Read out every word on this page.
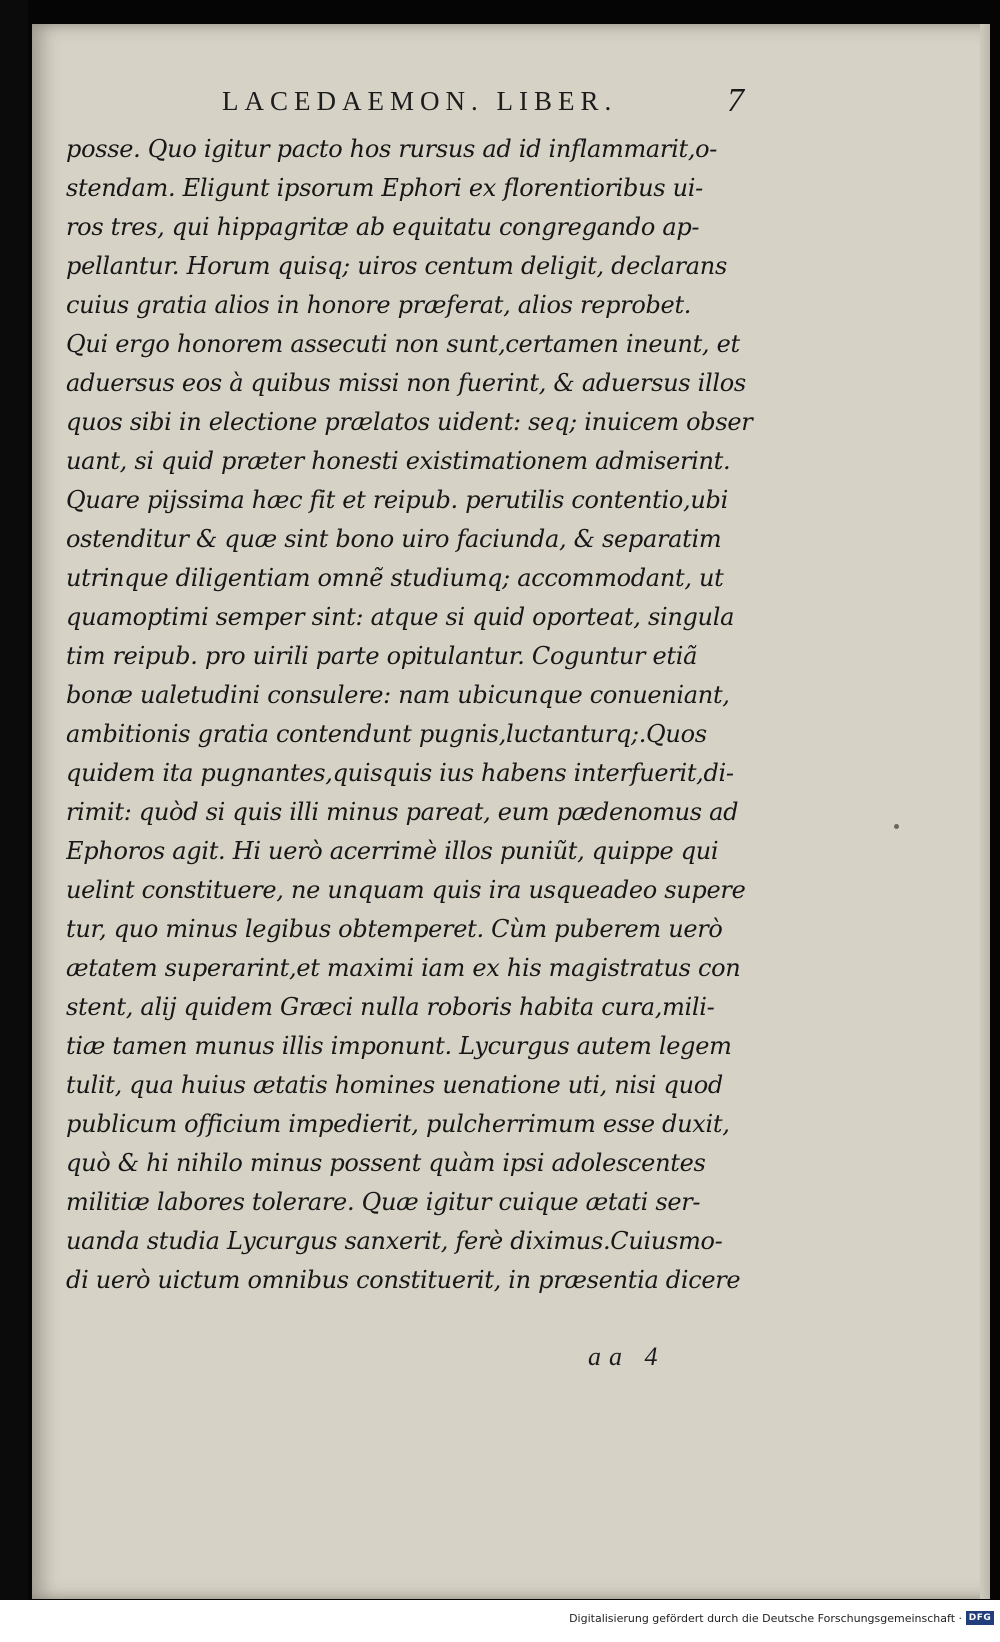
LACEDAEMON. LIBER.	7
posse. Quo igitur pacto hos rursus ad id inflammarit,o-
stendam. Eligunt ipsorum Ephori ex florentioribus ui-
ros tres, qui hippagritæ ab equitatu congregando ap-
pellantur. Horum quisq; uiros centum deligit, declarans
cuius gratia alios in honore præferat, alios reprobet.
Qui ergo honorem assecuti non sunt,certamen ineunt, et
aduersus eos à quibus missi non fuerint, & aduersus illos
quos sibi in electione prælatos uident: seq; inuicem obser
uant, si quid præter honesti existimationem admiserint.
Quare pijssima hæc fit et reipub. perutilis contentio,ubi
ostenditur & quæ sint bono uiro faciunda, & separatim
utrinque diligentiam omnẽ studiumq; accommodant, ut
quamoptimi semper sint: atque si quid oporteat, singula
tim reipub. pro uirili parte opitulantur. Coguntur etiã
bonæ ualetudini consulere: nam ubicunque conueniant,
ambitionis gratia contendunt pugnis,luctanturq;.Quos
quidem ita pugnantes,quisquis ius habens interfuerit,di-
rimit: quòd si quis illi minus pareat, eum pædenomus ad
Ephoros agit. Hi uerò acerrimè illos puniũt, quippe qui
uelint constituere, ne unquam quis ira usqueadeo supere
tur, quo minus legibus obtemperet. Cùm puberem uerò
ætatem superarint,et maximi iam ex his magistratus con
stent, alij quidem Græci nulla roboris habita cura,mili-
tiæ tamen munus illis imponunt. Lycurgus autem legem
tulit, qua huius ætatis homines uenatione uti, nisi quod
publicum officium impedierit, pulcherrimum esse duxit,
quò & hi nihilo minus possent quàm ipsi adolescentes
militiæ labores tolerare. Quæ igitur cuique ætati ser-
uanda studia Lycurgus sanxerit, ferè diximus.Cuiusmo-
di uerò uictum omnibus constituerit, in præsentia dicere
aa 4
Digitalisierung gefördert durch die Deutsche Forschungsgemeinschaft · DFG
